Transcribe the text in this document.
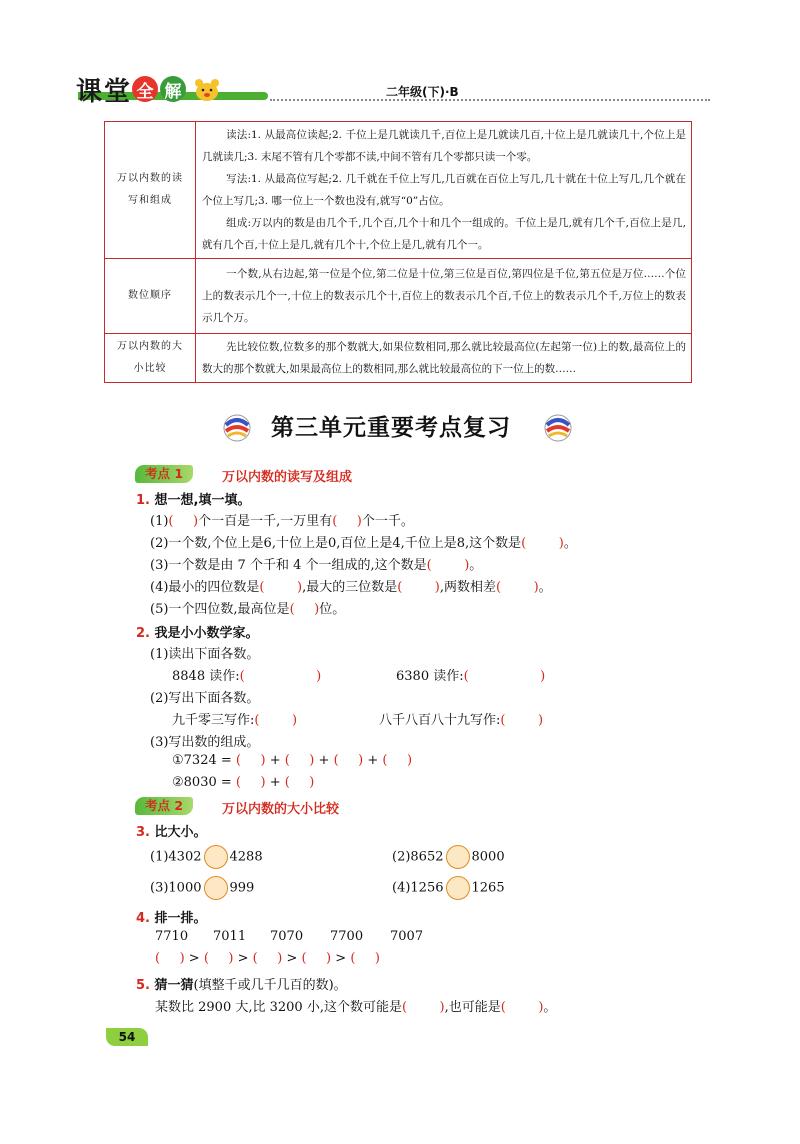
课 堂 全 解	二年级(下)·B
万以内数的读写和组成	读法:1. 从最高位读起;2. 千位上是几就读几千,百位上是几就读几百,十位上是几就读几十,个位上是几就读几;3. 末尾不管有几个零都不读,中间不管有几个零都只读一个零。

写法:1. 从最高位写起;2. 几千就在千位上写几,几百就在百位上写几,几十就在十位上写几,几个就在个位上写几;3. 哪一位上一个数也没有,就写“0”占位。

组成:万以内的数是由几个千,几个百,几个十和几个一组成的。千位上是几,就有几个千,百位上是几,就有几个百,十位上是几,就有几个十,个位上是几,就有几个一。

数位顺序	一个数,从右边起,第一位是个位,第二位是十位,第三位是百位,第四位是千位,第五位是万位……个位上的数表示几个一,十位上的数表示几个十,百位上的数表示几个百,千位上的数表示几个千,万位上的数表示几个万。

万以内数的大小比较	先比较位数,位数多的那个数就大,如果位数相同,那么就比较最高位(左起第一位)上的数,最高位上的数大的那个数就大,如果最高位上的数相同,那么就比较最高位的下一位上的数……

第三单元重要考点复习
考点 1	万以内数的读写及组成
1. 想一想,填一填。
(1)(  )个一百是一千,一万里有(  )个一千。
(2)一个数,个位上是6,十位上是0,百位上是4,千位上是8,这个数是(   )。
(3)一个数是由 7 个千和 4 个一组成的,这个数是(   )。
(4)最小的四位数是(   ),最大的三位数是(   ),两数相差(   )。
(5)一个四位数,最高位是(  )位。
2. 我是小小数学家。
(1)读出下面各数。
8848 读作:(      )	6380 读作:(      )
(2)写出下面各数。
九千零三写作:(   )	八千八百八十九写作:(   )
(3)写出数的组成。
①7324 = (  ) + (  ) + (  ) + (  )
②8030 = (  ) + (  )
考点 2	万以内数的大小比较
3. 比大小。
(1)4302 4288	(2)8652 8000
(3)1000 999	(4)1256 1265
4. 排一排。
7710 7011 7070 7700 7007
(  ) > (  ) > (  ) > (  ) > (  )
5. 猜一猜(填整千或几千几百的数)。
某数比 2900 大,比 3200 小,这个数可能是(   ),也可能是(   )。
54
